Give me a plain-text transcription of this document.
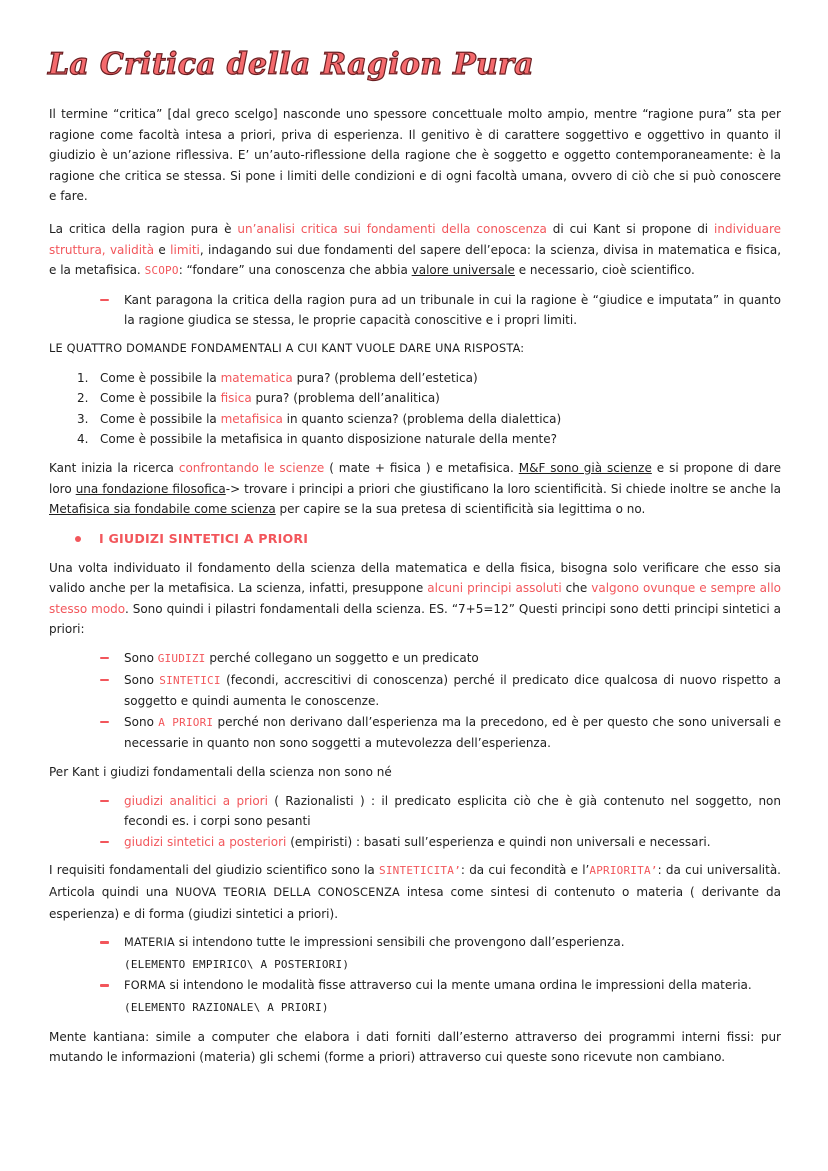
La Critica della Ragion Pura

Il termine “critica” [dal greco scelgo] nasconde uno spessore concettuale molto ampio, mentre “ragione pura” sta per ragione come facoltà intesa a priori, priva di esperienza. Il genitivo è di carattere soggettivo e oggettivo in quanto il giudizio è un’azione riflessiva. E’ un’auto-riflessione della ragione che è soggetto e oggetto contemporaneamente: è la ragione che critica se stessa. Si pone i limiti delle condizioni e di ogni facoltà umana, ovvero di ciò che si può conoscere e fare.

La critica della ragion pura è un’analisi critica sui fondamenti della conoscenza di cui Kant si propone di individuare struttura, validità e limiti, indagando sui due fondamenti del sapere dell’epoca: la scienza, divisa in matematica e fisica, e la metafisica. SCOPO: “fondare” una conoscenza che abbia valore universale e necessario, cioè scientifico.

Kant paragona la critica della ragion pura ad un tribunale in cui la ragione è “giudice e imputata” in quanto la ragione giudica se stessa, le proprie capacità conoscitive e i propri limiti.

LE QUATTRO DOMANDE FONDAMENTALI A CUI KANT VUOLE DARE UNA RISPOSTA:

1. Come è possibile la matematica pura? (problema dell’estetica)
2. Come è possibile la fisica pura? (problema dell’analitica)
3. Come è possibile la metafisica in quanto scienza? (problema della dialettica)
4. Come è possibile la metafisica in quanto disposizione naturale della mente?

Kant inizia la ricerca confrontando le scienze ( mate + fisica ) e metafisica. M&F sono già scienze e si propone di dare loro una fondazione filosofica-> trovare i principi a priori che giustificano la loro scientificità. Si chiede inoltre se anche la Metafisica sia fondabile come scienza per capire se la sua pretesa di scientificità sia legittima o no.

I GIUDIZI SINTETICI A PRIORI

Una volta individuato il fondamento della scienza della matematica e della fisica, bisogna solo verificare che esso sia valido anche per la metafisica. La scienza, infatti, presuppone alcuni principi assoluti che valgono ovunque e sempre allo stesso modo. Sono quindi i pilastri fondamentali della scienza. ES. “7+5=12” Questi principi sono detti principi sintetici a priori:

Sono GIUDIZI perché collegano un soggetto e un predicato
Sono SINTETICI (fecondi, accrescitivi di conoscenza) perché il predicato dice qualcosa di nuovo rispetto a soggetto e quindi aumenta le conoscenze.
Sono A PRIORI perché non derivano dall’esperienza ma la precedono, ed è per questo che sono universali e necessarie in quanto non sono soggetti a mutevolezza dell’esperienza.

Per Kant i giudizi fondamentali della scienza non sono né

giudizi analitici a priori ( Razionalisti ) : il predicato esplicita ciò che è già contenuto nel soggetto, non fecondi es. i corpi sono pesanti
giudizi sintetici a posteriori (empiristi) : basati sull’esperienza e quindi non universali e necessari.

I requisiti fondamentali del giudizio scientifico sono la SINTETICITA’: da cui fecondità e l’APRIORITA’: da cui universalità. Articola quindi una NUOVA TEORIA DELLA CONOSCENZA intesa come sintesi di contenuto o materia ( derivante da esperienza) e di forma (giudizi sintetici a priori).

MATERIA si intendono tutte le impressioni sensibili che provengono dall’esperienza.
(ELEMENTO EMPIRICO\ A POSTERIORI)
FORMA si intendono le modalità fisse attraverso cui la mente umana ordina le impressioni della materia.
(ELEMENTO RAZIONALE\ A PRIORI)

Mente kantiana: simile a computer che elabora i dati forniti dall’esterno attraverso dei programmi interni fissi: pur mutando le informazioni (materia) gli schemi (forme a priori) attraverso cui queste sono ricevute non cambiano.
